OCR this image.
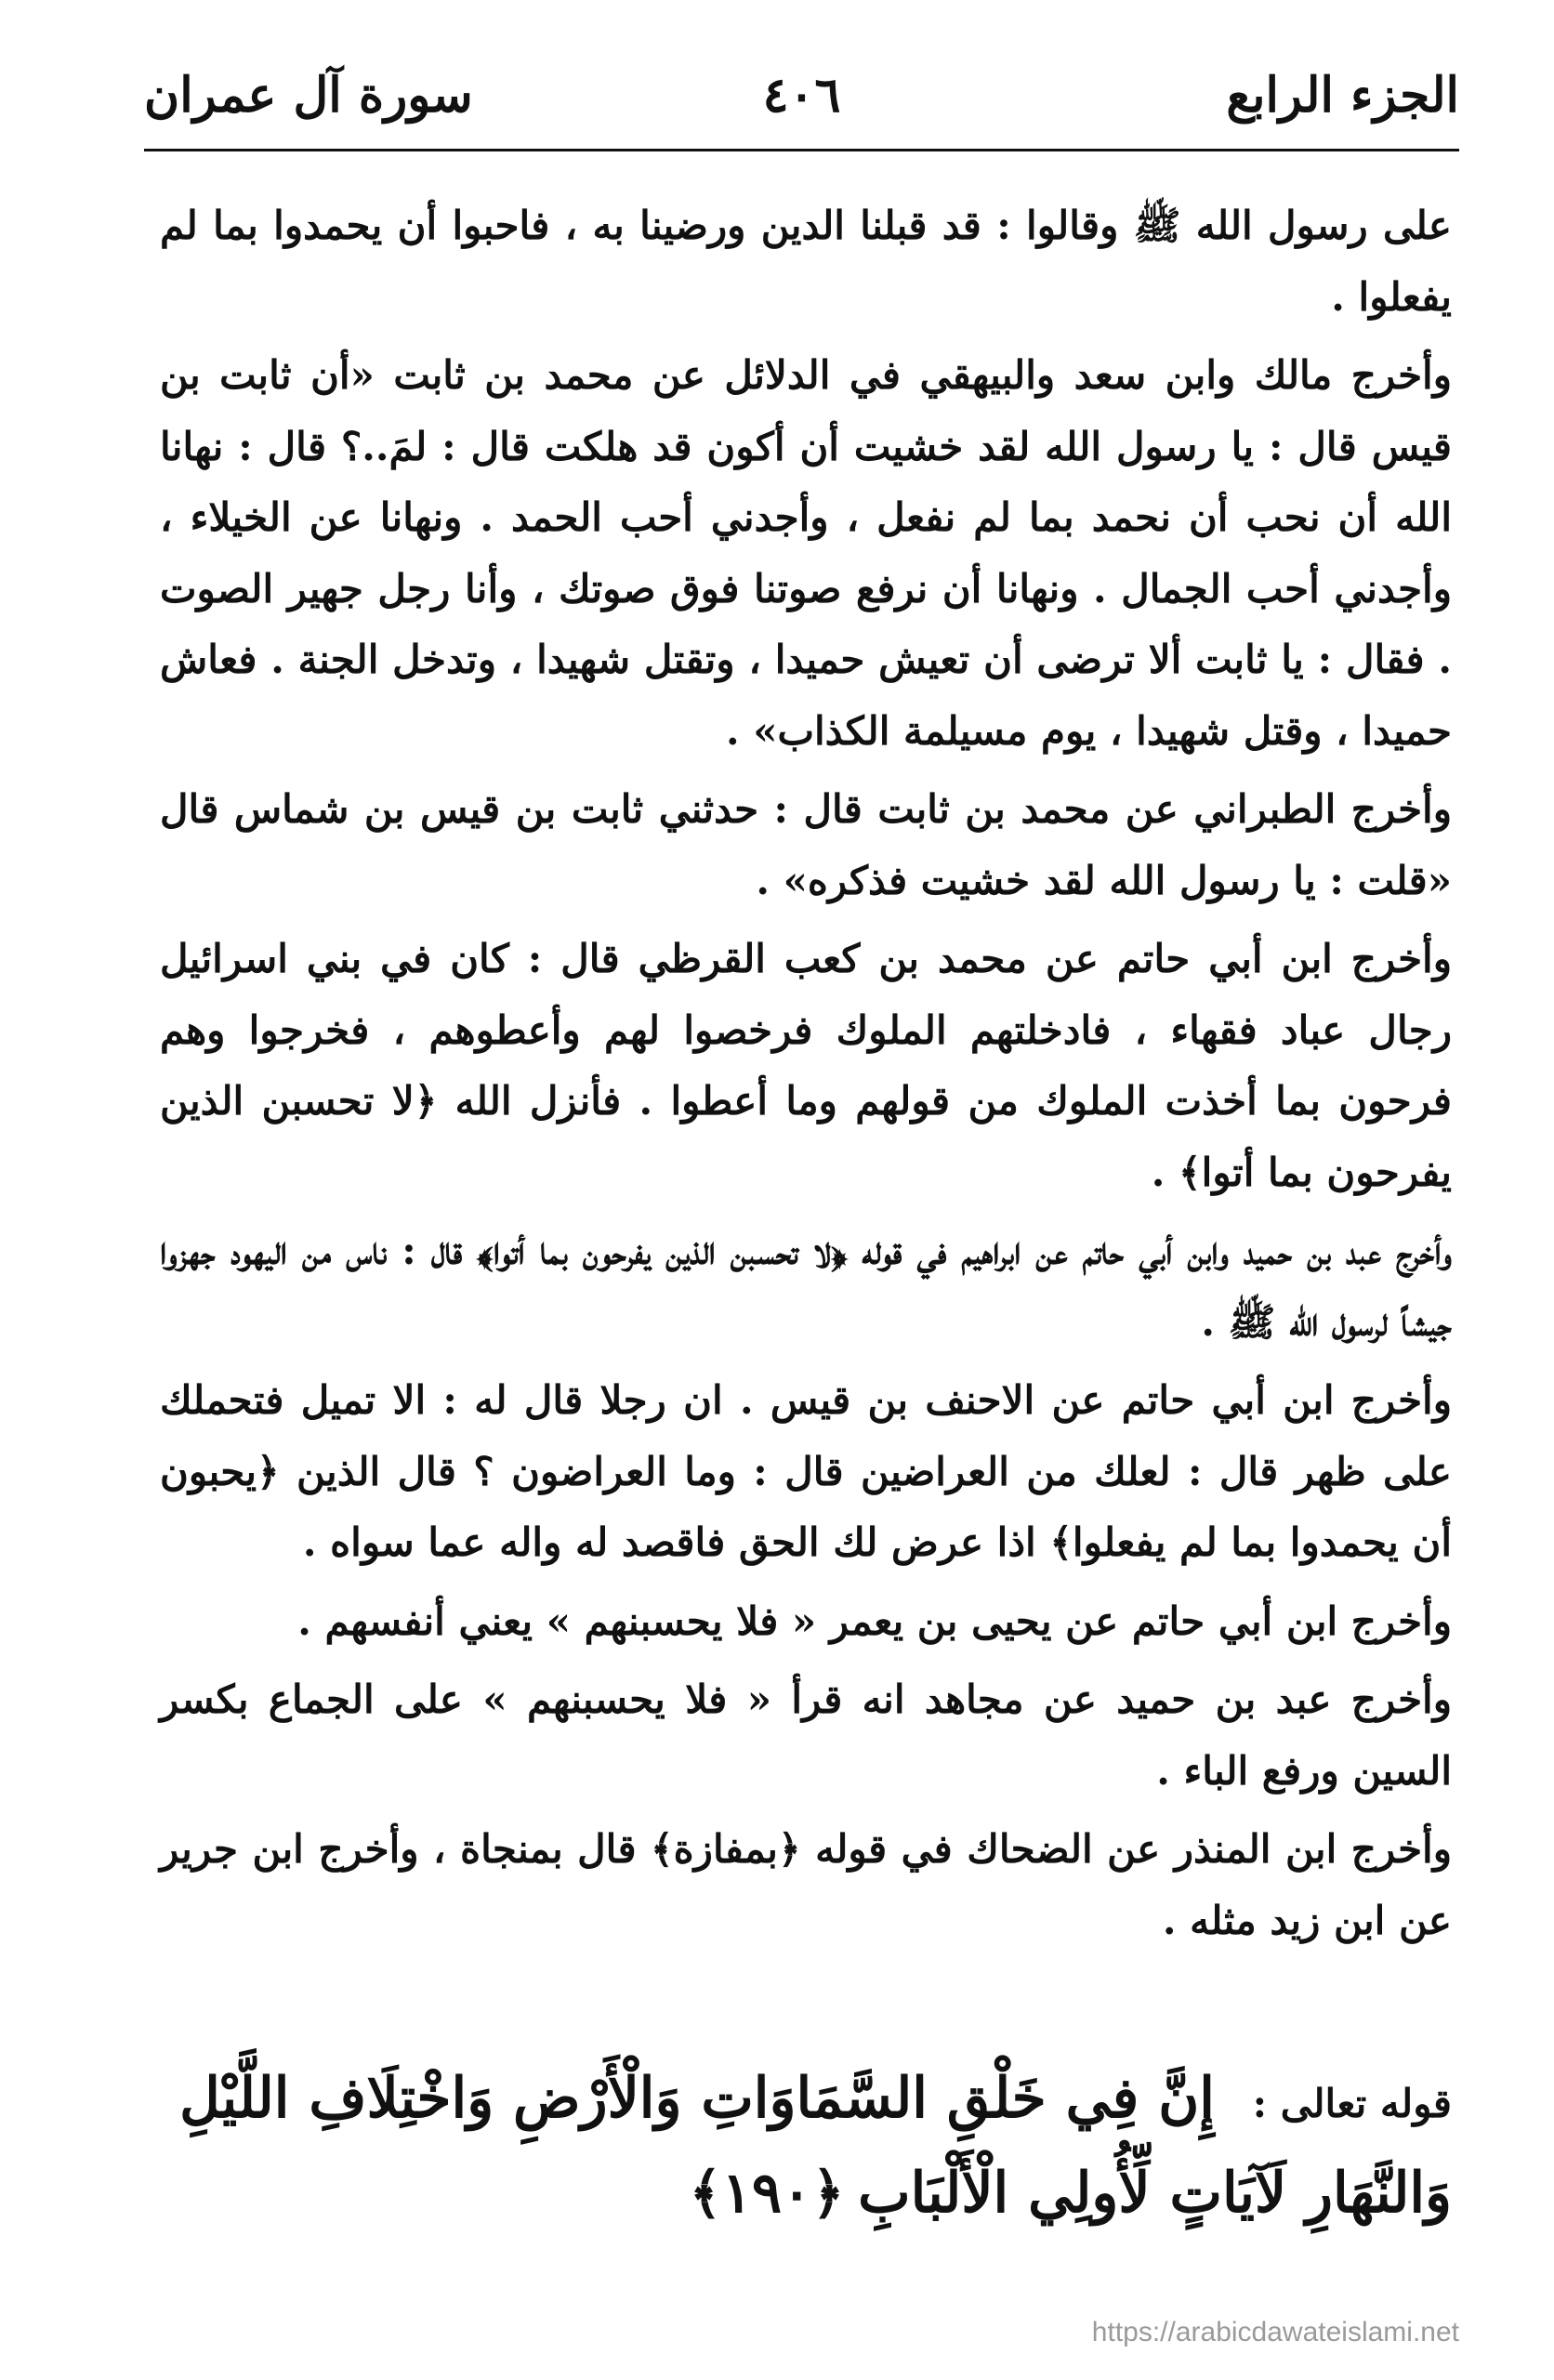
الجزء الرابع
٤٠٦
سورة آل عمران

على رسول الله ﷺ وقالوا : قد قبلنا الدين ورضينا به ، فاحبوا أن يحمدوا بما لم يفعلوا .

وأخرج مالك وابن سعد والبيهقي في الدلائل عن محمد بن ثابت «أن ثابت بن قيس قال : يا رسول الله لقد خشيت أن أكون قد هلكت قال : لمَ..؟ قال : نهانا الله أن نحب أن نحمد بما لم نفعل ، وأجدني أحب الحمد . ونهانا عن الخيلاء ، وأجدني أحب الجمال . ونهانا أن نرفع صوتنا فوق صوتك ، وأنا رجل جهير الصوت . فقال : يا ثابت ألا ترضى أن تعيش حميدا ، وتقتل شهيدا ، وتدخل الجنة . فعاش حميدا ، وقتل شهيدا ، يوم مسيلمة الكذاب» .

وأخرج الطبراني عن محمد بن ثابت قال : حدثني ثابت بن قيس بن شماس قال «قلت : يا رسول الله لقد خشيت فذكره» .

وأخرج ابن أبي حاتم عن محمد بن كعب القرظي قال : كان في بني اسرائيل رجال عباد فقهاء ، فادخلتهم الملوك فرخصوا لهم وأعطوهم ، فخرجوا وهم فرحون بما أخذت الملوك من قولهم وما أعطوا . فأنزل الله ﴿لا تحسبن الذين يفرحون بما أتوا﴾ .

وأخرج عبد بن حميد وابن أبي حاتم عن ابراهيم في قوله ﴿لا تحسبن الذين يفرحون بما أتوا﴾ قال : ناس من اليهود جهزوا جيشاً لرسول الله ﷺ .

وأخرج ابن أبي حاتم عن الاحنف بن قيس . ان رجلا قال له : الا تميل فتحملك على ظهر قال : لعلك من العراضين قال : وما العراضون ؟ قال الذين ﴿يحبون أن يحمدوا بما لم يفعلوا﴾ اذا عرض لك الحق فاقصد له واله عما سواه .

وأخرج ابن أبي حاتم عن يحيى بن يعمر « فلا يحسبنهم » يعني أنفسهم .

وأخرج عبد بن حميد عن مجاهد انه قرأ « فلا يحسبنهم » على الجماع بكسر السين ورفع الباء .

وأخرج ابن المنذر عن الضحاك في قوله ﴿بمفازة﴾ قال بمنجاة ، وأخرج ابن جرير عن ابن زيد مثله .

قوله تعالى : إِنَّ فِي خَلْقِ السَّمَاوَاتِ وَالْأَرْضِ وَاخْتِلَافِ اللَّيْلِ وَالنَّهَارِ لَآيَاتٍ لِّأُولِي الْأَلْبَابِ ﴿١٩٠﴾
https://arabicdawateislami.net
